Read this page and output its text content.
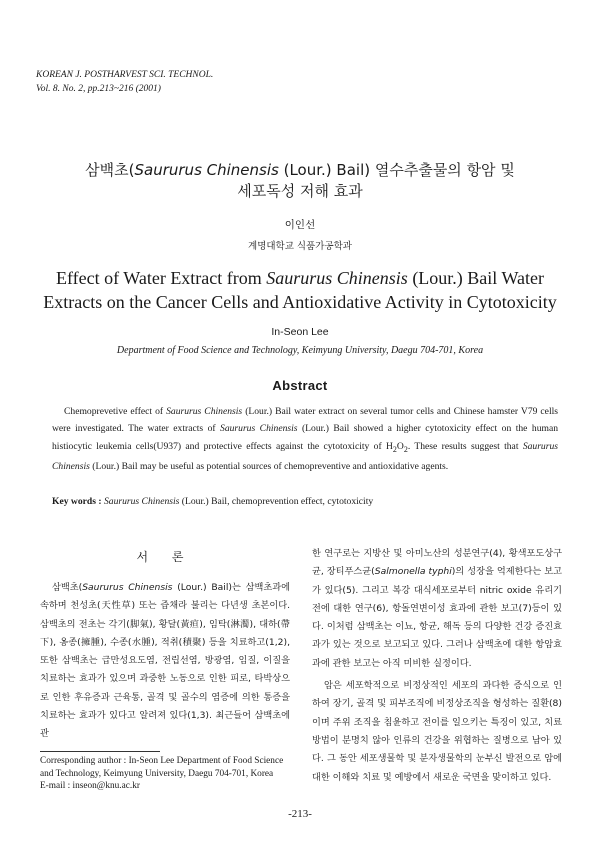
KOREAN J. POSTHARVEST SCI. TECHNOL.
Vol. 8. No. 2, pp.213~216 (2001)
삼백초(Saururus Chinensis (Lour.) Bail) 열수추출물의 항암 및
세포독성 저해 효과
이인선
계명대학교 식품가공학과
Effect of Water Extract from Saururus Chinensis (Lour.) Bail Water
Extracts on the Cancer Cells and Antioxidative Activity in Cytotoxicity
In-Seon Lee
Department of Food Science and Technology, Keimyung University, Daegu 704-701, Korea
Abstract
Chemoprevetive effect of Saururus Chinensis (Lour.) Bail water extract on several tumor cells and Chinese hamster V79 cells were investigated. The water extracts of Saururus Chinensis (Lour.) Bail showed a higher cytotoxicity effect on the human histiocytic leukemia cells(U937) and protective effects against the cytotoxicity of $H_2O_2$. These results suggest that Saururus Chinensis (Lour.) Bail may be useful as potential sources of chemopreventive and antioxidative agents.
Key words : Saururus Chinensis (Lour.) Bail, chemoprevention effect, cytotoxicity
서 론
삼백초(Saururus Chinensis (Lour.) Bail)는 삼백초과에 속하며 천성초(天性草) 또는 즙채라 불리는 다년생 초본이다. 삼백초의 전초는 각기(脚氣), 황달(黃疸), 임탁(淋濁), 대하(帶下), 옹종(擁腫), 수종(水腫), 적취(積聚) 등을 치료하고(1,2), 또한 삼백초는 급만성요도염, 전립선염, 방광염, 임질, 이질을 치료하는 효과가 있으며 과중한 노동으로 인한 피로, 타박상으로 인한 후유증과 근육통, 골격 및 골수의 염증에 의한 통증을 치료하는 효과가 있다고 알려져 있다(1,3). 최근들어 삼백초에 관

한 연구로는 지방산 및 아미노산의 성분연구(4), 황색포도상구균, 장티푸스균(Salmonella typhi)의 성장을 억제한다는 보고가 있다(5). 그리고 복강 대식세포로부터 nitric oxide 유리기전에 대한 연구(6), 항돌연변이성 효과에 관한 보고(7)등이 있다. 이처럼 삼백초는 이뇨, 항균, 해독 등의 다양한 건강 증진효과가 있는 것으로 보고되고 있다. 그러나 삼백초에 대한 항암효과에 관한 보고는 아직 미비한 실정이다.

암은 세포학적으로 비정상적인 세포의 과다한 증식으로 인하여 장기, 골격 및 피부조직에 비정상조직을 형성하는 질환(8)이며 주위 조직을 침윤하고 전이를 일으키는 특징이 있고, 치료방법이 분명치 않아 인류의 건강을 위협하는 질병으로 남아 있다. 그 동안 세포생물학 및 분자생물학의 눈부신 발전으로 암에 대한 이해와 치료 및 예방에서 새로운 국면을 맞이하고 있다.

Corresponding author : In-Seon Lee Department of Food Science and Technology, Keimyung University, Daegu 704-701, Korea
E-mail : inseon@knu.ac.kr
-213-
